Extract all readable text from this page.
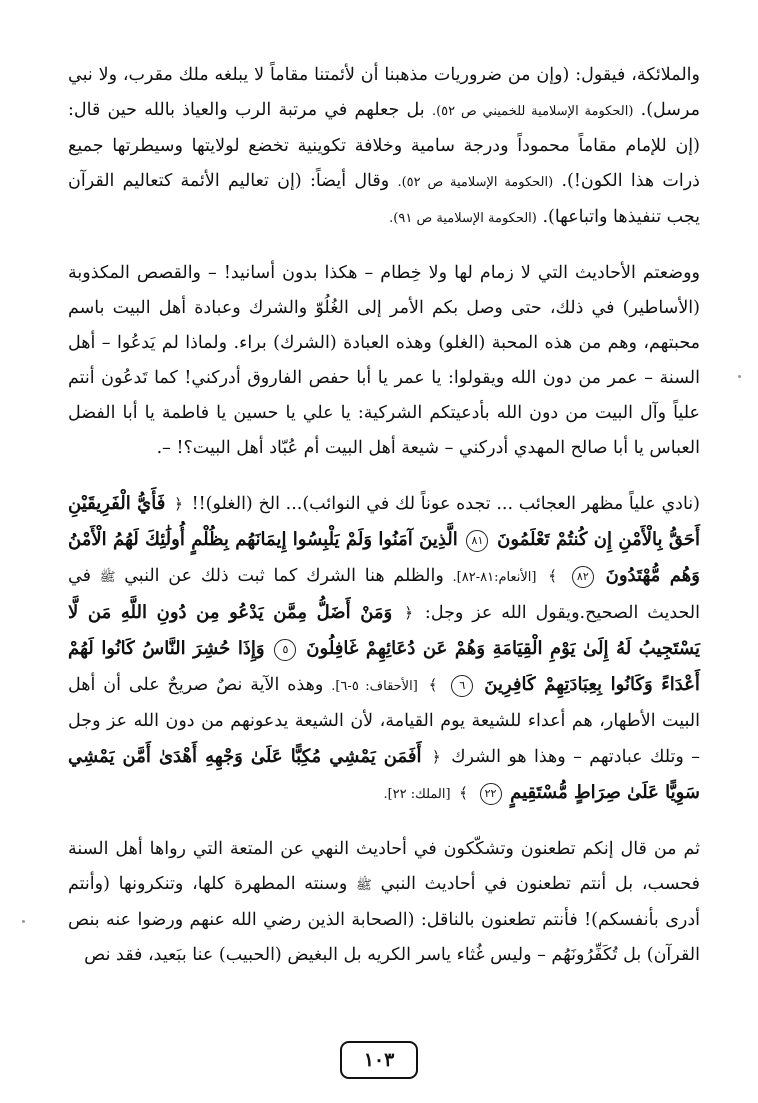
والملائكة، فيقول: (وإن من ضروريات مذهبنا أن لأئمتنا مقاماً لا يبلغه ملك مقرب، ولا نبي مرسل). (الحكومة الإسلامية للخميني ص ٥٢). بل جعلهم في مرتبة الرب والعياذ بالله حين قال: (إن للإمام مقاماً محموداً ودرجة سامية وخلافة تكوينية تخضع لولايتها وسيطرتها جميع ذرات هذا الكون!). (الحكومة الإسلامية ص ٥٢). وقال أيضاً: (إن تعاليم الأئمة كتعاليم القرآن يجب تنفيذها واتباعها). (الحكومة الإسلامية ص ٩١).

ووضعتم الأحاديث التي لا زمام لها ولا خِطام – هكذا بدون أسانيد! – والقصص المكذوبة (الأساطير) في ذلك، حتى وصل بكم الأمر إلى الغُلُوّ والشرك وعبادة أهل البيت باسم محبتهم، وهم من هذه المحبة (الغلو) وهذه العبادة (الشرك) براء. ولماذا لم يَدعُوا – أهل السنة – عمر من دون الله ويقولوا: يا عمر يا أبا حفص الفاروق أدركني! كما تَدعُون أنتم علياً وآل البيت من دون الله بأدعيتكم الشركية: يا علي يا حسين يا فاطمة يا أبا الفضل العباس يا أبا صالح المهدي أدركني – شيعة أهل البيت أم عُبّاد أهل البيت؟! –.

(نادي علياً مظهر العجائب ... تجده عوناً لك في النوائب)... الخ (الغلو)!! ﴿ فَأَيُّ الْفَرِيقَيْنِ أَحَقُّ بِالْأَمْنِ إِن كُنتُمْ تَعْلَمُونَ ٨١ الَّذِينَ آمَنُوا وَلَمْ يَلْبِسُوا إِيمَانَهُم بِظُلْمٍ أُولَٰئِكَ لَهُمُ الْأَمْنُ وَهُم مُّهْتَدُونَ ٨٢ ﴾ [الأنعام:٨١-٨٢]. والظلم هنا الشرك كما ثبت ذلك عن النبي ﷺ في الحديث الصحيح.ويقول الله عز وجل: ﴿ وَمَنْ أَضَلُّ مِمَّن يَدْعُو مِن دُونِ اللَّهِ مَن لَّا يَسْتَجِيبُ لَهُ إِلَىٰ يَوْمِ الْقِيَامَةِ وَهُمْ عَن دُعَائِهِمْ غَافِلُونَ ٥ وَإِذَا حُشِرَ النَّاسُ كَانُوا لَهُمْ أَعْدَاءً وَكَانُوا بِعِبَادَتِهِمْ كَافِرِينَ ٦ ﴾ [الأحقاف: ٥-٦]. وهذه الآية نصٌ صريحٌ على أن أهل البيت الأطهار، هم أعداء للشيعة يوم القيامة، لأن الشيعة يدعونهم من دون الله عز وجل – وتلك عبادتهم – وهذا هو الشرك ﴿ أَفَمَن يَمْشِي مُكِبًّا عَلَىٰ وَجْهِهِ أَهْدَىٰ أَمَّن يَمْشِي سَوِيًّا عَلَىٰ صِرَاطٍ مُّسْتَقِيمٍ ٢٢ ﴾ [الملك: ٢٢].

ثم من قال إنكم تطعنون وتشكّكون في أحاديث النهي عن المتعة التي رواها أهل السنة فحسب، بل أنتم تطعنون في أحاديث النبي ﷺ وسنته المطهرة كلها، وتنكرونها (وأنتم أدرى بأنفسكم)! فأنتم تطعنون بالناقل: (الصحابة الذين رضي الله عنهم ورضوا عنه بنص القرآن) بل تُكَفِّرُونَهُم – وليس غُثاء ياسر الكريه بل البغيض (الحبيب) عنا ببَعيد، فقد نص

١٠٣
